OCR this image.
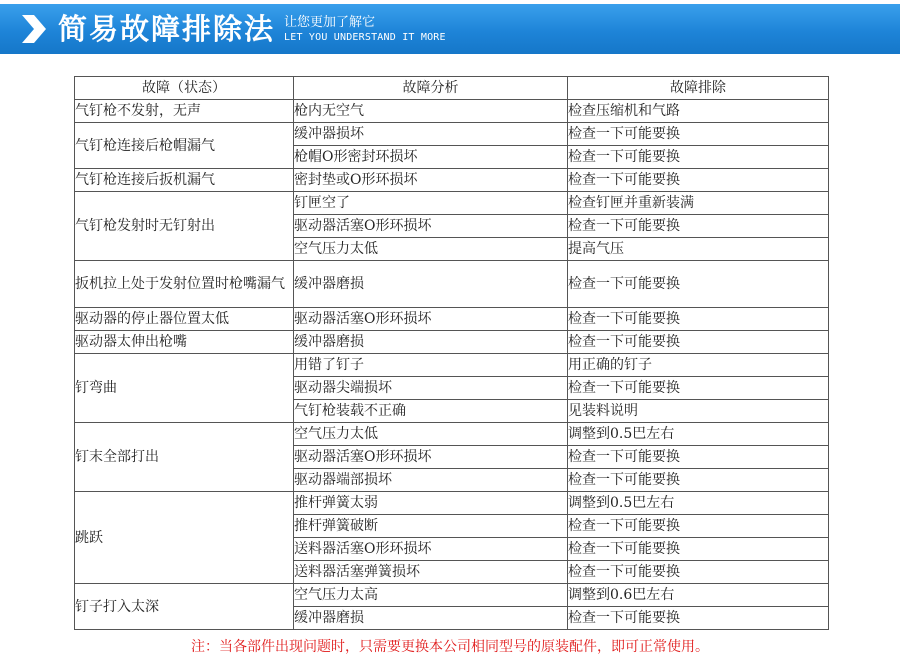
简易故障排除法 让您更加了解它
LET YOU UNDERSTAND IT MORE
故障（状态）	故障分析	故障排除
气钉枪不发射，无声	枪内无空气	检查压缩机和气路
气钉枪连接后枪帽漏气	缓冲器损坏	检查一下可能要换
	枪帽O形密封环损坏	检查一下可能要换
气钉枪连接后扳机漏气	密封垫或O形环损坏	检查一下可能要换
气钉枪发射时无钉射出	钉匣空了	检查钉匣并重新装满
	驱动器活塞O形环损坏	检查一下可能要换
	空气压力太低	提高气压
扳机拉上处于发射位置时枪嘴漏气	缓冲器磨损	检查一下可能要换
驱动器的停止器位置太低	驱动器活塞O形环损坏	检查一下可能要换
驱动器太伸出枪嘴	缓冲器磨损	检查一下可能要换
钉弯曲	用错了钉子	用正确的钉子
	驱动器尖端损坏	检查一下可能要换
	气钉枪装载不正确	见装料说明
钉末全部打出	空气压力太低	调整到0.5巴左右
	驱动器活塞O形环损坏	检查一下可能要换
	驱动器端部损坏	检查一下可能要换
跳跃	推杆弹簧太弱	调整到0.5巴左右
	推杆弹簧破断	检查一下可能要换
	送料器活塞O形环损坏	检查一下可能要换
	送料器活塞弹簧损坏	检查一下可能要换
钉子打入太深	空气压力太高	调整到0.6巴左右
	缓冲器磨损	检查一下可能要换
注：当各部件出现问题时，只需要更换本公司相同型号的原装配件，即可正常使用。
